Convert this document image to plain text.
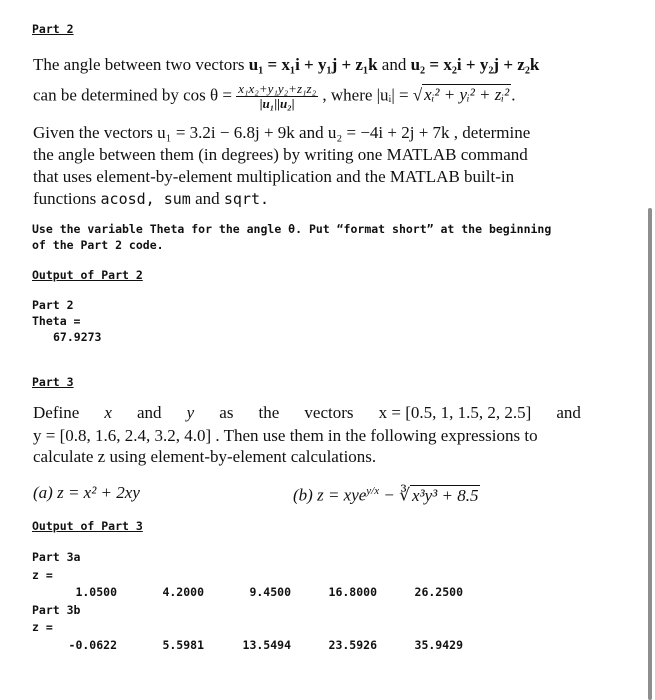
Part 2
The angle between two vectors u₁ = x₁i + y₁j + z₁k and u₂ = x₂i + y₂j + z₂k
can be determined by $\cos \theta = \frac{\text{x₁x₂+y₁y₂+z₁z₂}}{\text{|u₁||u₂|}}$ , where |uᵢ| = √ xᵢ² + yᵢ² + zᵢ² .
Given the vectors u₁ = 3.2i − 6.8j + 9k and u₂ = −4i + 2j + 7k , determine
the angle between them (in degrees) by writing one MATLAB command
that uses element-by-element multiplication and the MATLAB built-in
functions acosd, sum and sqrt.
Use the variable Theta for the angle θ. Put “format short” at the beginning
of the Part 2 code.
Output of Part 2
Part 2
Theta =
67.9273
Part 3
Define x and y as the vectors x = [0.5, 1, 1.5, 2, 2.5] and
y = [0.8, 1.6, 2.4, 3.2, 4.0] . Then use them in the following expressions to
calculate z using element-by-element calculations.
(a) z = x² + 2xy	(b) z = xye$^{y/x}$ − ∛ x³y³ + 8.5
Output of Part 3
Part 3a
z =
1.0500	4.2000	9.4500	16.8000	26.2500
Part 3b
z =
-0.0622	5.5981	13.5494	23.5926	35.9429
